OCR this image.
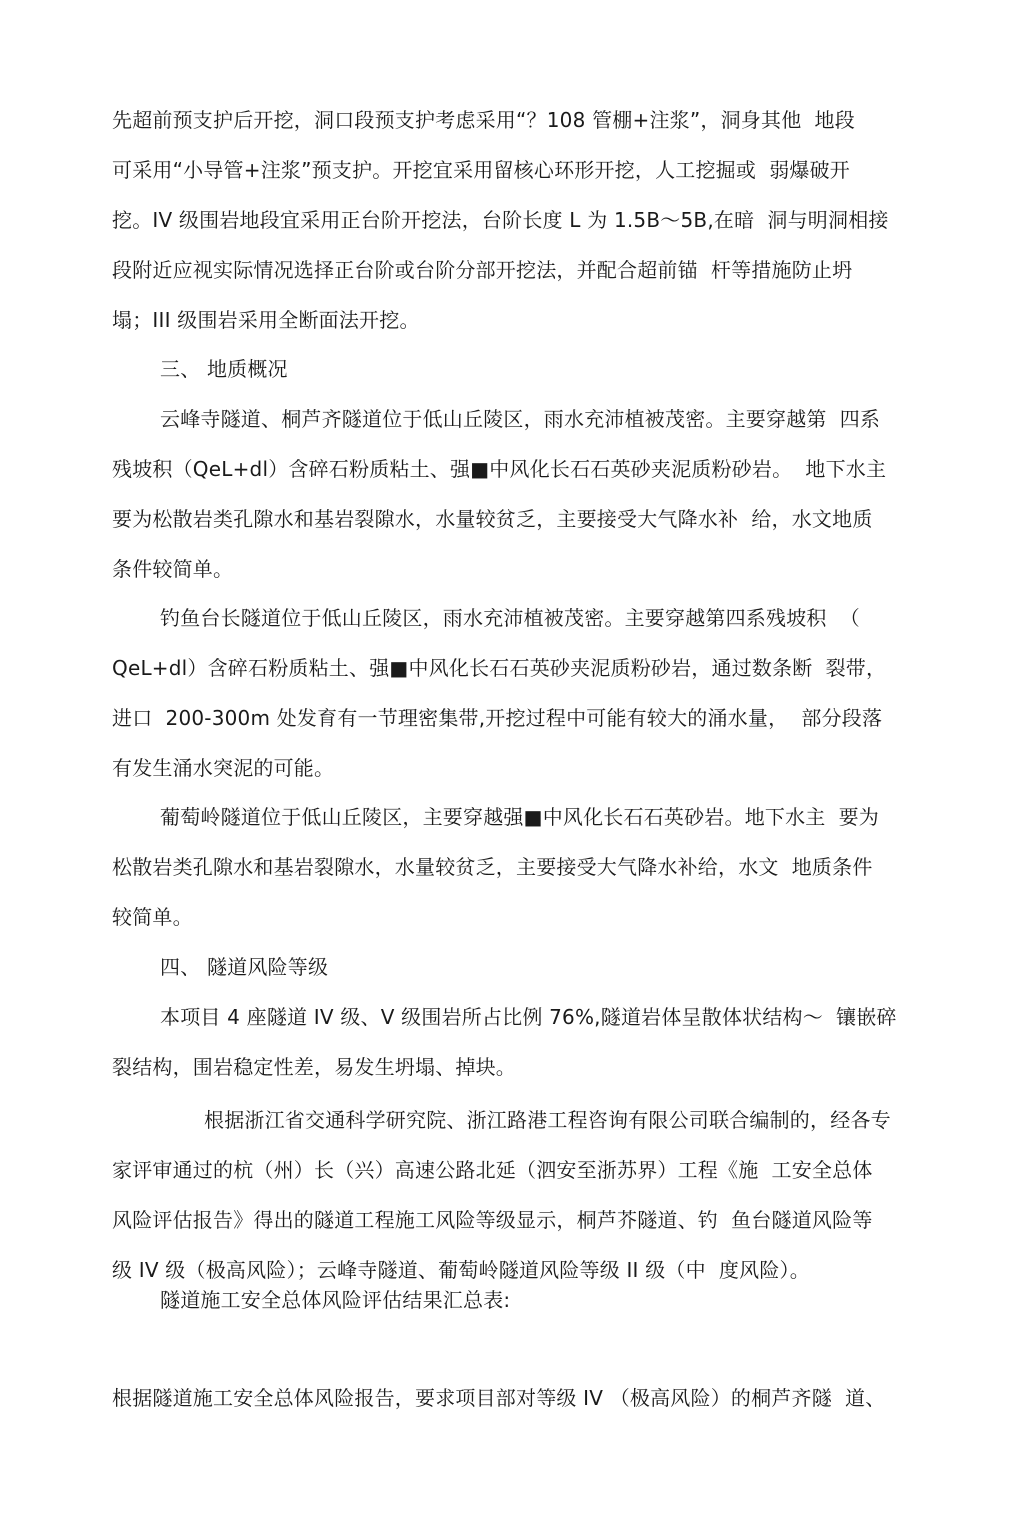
先超前预支护后开挖，洞口段预支护考虑采用“？108 管棚+注浆”，洞身其他  地段
可采用“小导管+注浆”预支护。开挖宜采用留核心环形开挖，人工挖掘或  弱爆破开
挖。IV 级围岩地段宜采用正台阶开挖法，台阶长度 L 为 1.5B～5B,在暗  洞与明洞相接
段附近应视实际情况选择正台阶或台阶分部开挖法，并配合超前锚  杆等措施防止坍
塌；III 级围岩采用全断面法开挖。
三、 地质概况
云峰寺隧道、桐芦齐隧道位于低山丘陵区，雨水充沛植被茂密。主要穿越第  四系
残坡积（QeL+dl）含碎石粉质粘土、强■中风化长石石英砂夹泥质粉砂岩。  地下水主
要为松散岩类孔隙水和基岩裂隙水，水量较贫乏，主要接受大气降水补  给，水文地质
条件较简单。
钓鱼台长隧道位于低山丘陵区，雨水充沛植被茂密。主要穿越第四系残坡积  （
QeL+dl）含碎石粉质粘土、强■中风化长石石英砂夹泥质粉砂岩，通过数条断  裂带，
进口  200-300m 处发育有一节理密集带,开挖过程中可能有较大的涌水量，  部分段落
有发生涌水突泥的可能。
葡萄岭隧道位于低山丘陵区，主要穿越强■中风化长石石英砂岩。地下水主  要为
松散岩类孔隙水和基岩裂隙水，水量较贫乏，主要接受大气降水补给，水文  地质条件
较简单。
四、 隧道风险等级
本项目 4 座隧道 IV 级、V 级围岩所占比例 76%,隧道岩体呈散体状结构～  镶嵌碎
裂结构，围岩稳定性差，易发生坍塌、掉块。
根据浙江省交通科学研究院、浙江路港工程咨询有限公司联合编制的，经各专
家评审通过的杭（州）长（兴）高速公路北延（泗安至浙苏界）工程《施  工安全总体
风险评估报告》得出的隧道工程施工风险等级显示，桐芦芥隧道、钓  鱼台隧道风险等
级 IV 级（极高风险）；云峰寺隧道、葡萄岭隧道风险等级 II 级（中  度风险）。
隧道施工安全总体风险评估结果汇总表:
根据隧道施工安全总体风险报告，要求项目部对等级 IV （极高风险）的桐芦齐隧  道、
